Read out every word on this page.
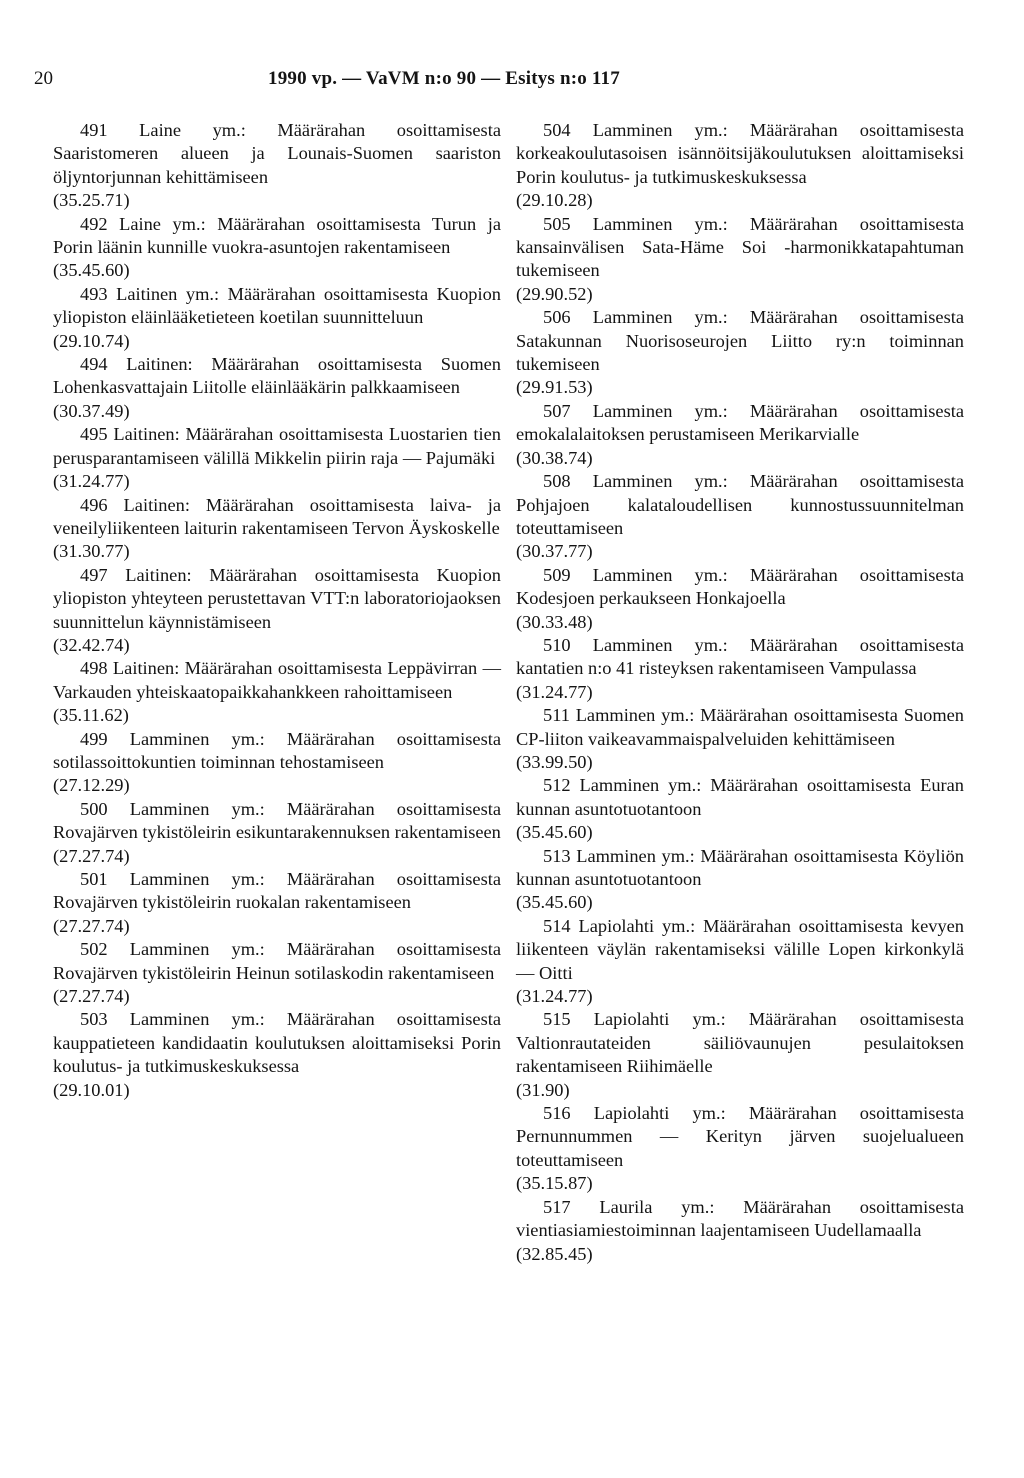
20	1990 vp. — VaVM n:o 90 — Esitys n:o 117

491 Laine ym.: Määrärahan osoittamisesta Saaristomeren alueen ja Lounais-Suomen saariston öljyntorjunnan kehittämiseen
(35.25.71)

492 Laine ym.: Määrärahan osoittamisesta Turun ja Porin läänin kunnille vuokra-asuntojen rakentamiseen
(35.45.60)

493 Laitinen ym.: Määrärahan osoittamisesta Kuopion yliopiston eläinlääketieteen koetilan suunnitteluun
(29.10.74)

494 Laitinen: Määrärahan osoittamisesta Suomen Lohenkasvattajain Liitolle eläinlääkärin palkkaamiseen
(30.37.49)

495 Laitinen: Määrärahan osoittamisesta Luostarien tien perusparantamiseen välillä Mikkelin piirin raja — Pajumäki
(31.24.77)

496 Laitinen: Määrärahan osoittamisesta laiva- ja veneilyliikenteen laiturin rakentamiseen Tervon Äyskoskelle
(31.30.77)

497 Laitinen: Määrärahan osoittamisesta Kuopion yliopiston yhteyteen perustettavan VTT:n laboratoriojaoksen suunnittelun käynnistämiseen
(32.42.74)

498 Laitinen: Määrärahan osoittamisesta Leppävirran — Varkauden yhteiskaatopaikkahankkeen rahoittamiseen
(35.11.62)

499 Lamminen ym.: Määrärahan osoittamisesta sotilassoittokuntien toiminnan tehostamiseen
(27.12.29)

500 Lamminen ym.: Määrärahan osoittamisesta Rovajärven tykistöleirin esikuntarakennuksen rakentamiseen
(27.27.74)

501 Lamminen ym.: Määrärahan osoittamisesta Rovajärven tykistöleirin ruokalan rakentamiseen
(27.27.74)

502 Lamminen ym.: Määrärahan osoittamisesta Rovajärven tykistöleirin Heinun sotilaskodin rakentamiseen
(27.27.74)

503 Lamminen ym.: Määrärahan osoittamisesta kauppatieteen kandidaatin koulutuksen aloittamiseksi Porin koulutus- ja tutkimuskeskuksessa
(29.10.01)

504 Lamminen ym.: Määrärahan osoittamisesta korkeakoulutasoisen isännöitsijäkoulutuksen aloittamiseksi Porin koulutus- ja tutkimuskeskuksessa
(29.10.28)

505 Lamminen ym.: Määrärahan osoittamisesta kansainvälisen Sata-Häme Soi -harmonikkatapahtuman tukemiseen
(29.90.52)

506 Lamminen ym.: Määrärahan osoittamisesta Satakunnan Nuorisoseurojen Liitto ry:n toiminnan tukemiseen
(29.91.53)

507 Lamminen ym.: Määrärahan osoittamisesta emokalalaitoksen perustamiseen Merikarvialle
(30.38.74)

508 Lamminen ym.: Määrärahan osoittamisesta Pohjajoen kalataloudellisen kunnostussuunnitelman toteuttamiseen
(30.37.77)

509 Lamminen ym.: Määrärahan osoittamisesta Kodesjoen perkaukseen Honkajoella
(30.33.48)

510 Lamminen ym.: Määrärahan osoittamisesta kantatien n:o 41 risteyksen rakentamiseen Vampulassa
(31.24.77)

511 Lamminen ym.: Määrärahan osoittamisesta Suomen CP-liiton vaikeavammaispalveluiden kehittämiseen
(33.99.50)

512 Lamminen ym.: Määrärahan osoittamisesta Euran kunnan asuntotuotantoon
(35.45.60)

513 Lamminen ym.: Määrärahan osoittamisesta Köyliön kunnan asuntotuotantoon
(35.45.60)

514 Lapiolahti ym.: Määrärahan osoittamisesta kevyen liikenteen väylän rakentamiseksi välille Lopen kirkonkylä — Oitti
(31.24.77)

515 Lapiolahti ym.: Määrärahan osoittamisesta Valtionrautateiden säiliövaunujen pesulaitoksen rakentamiseen Riihimäelle
(31.90)

516 Lapiolahti ym.: Määrärahan osoittamisesta Pernunnummen — Kerityn järven suojelualueen toteuttamiseen
(35.15.87)

517 Laurila ym.: Määrärahan osoittamisesta vientiasiamiestoiminnan laajentamiseen Uudellamaalla
(32.85.45)
